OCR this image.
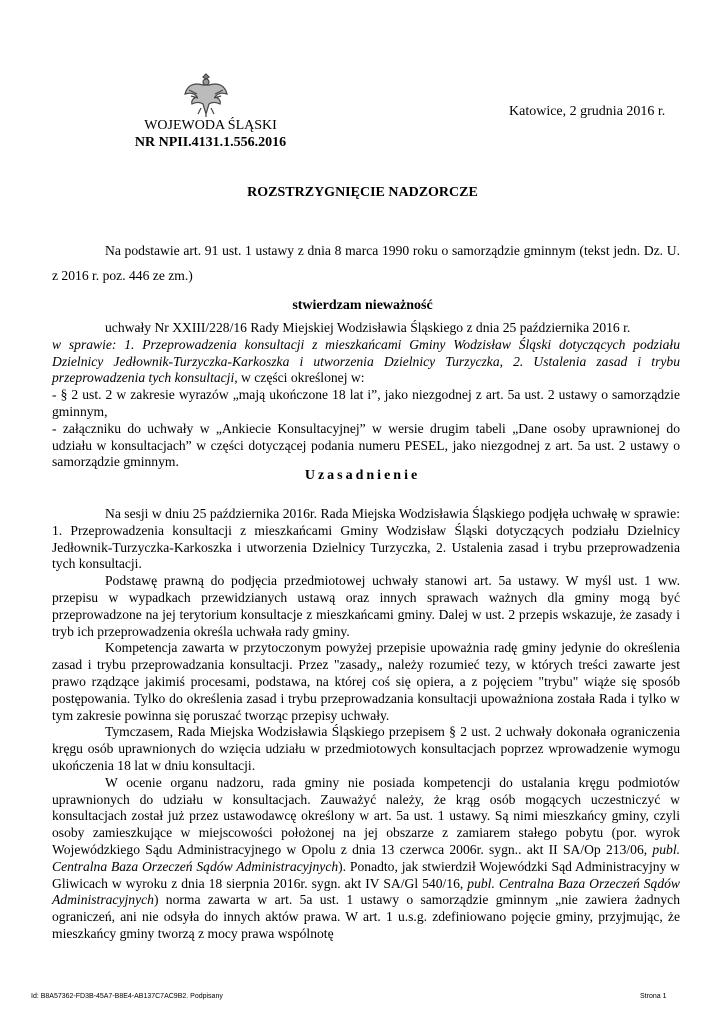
WOJEWODA ŚLĄSKI
NR NPII.4131.1.556.2016
Katowice, 2 grudnia 2016 r.
ROZSTRZYGNIĘCIE NADZORCZE
Na podstawie art. 91 ust. 1 ustawy z dnia 8 marca 1990 roku o samorządzie gminnym (tekst jedn. Dz. U. z 2016 r. poz. 446 ze zm.)
stwierdzam nieważność
uchwały Nr XXIII/228/16 Rady Miejskiej Wodzisławia Śląskiego z dnia 25 października 2016 r.
w sprawie: 1. Przeprowadzenia konsultacji z mieszkańcami Gminy Wodzisław Śląski dotyczących podziału Dzielnicy Jedłownik-Turzyczka-Karkoszka i utworzenia Dzielnicy Turzyczka, 2. Ustalenia zasad i trybu przeprowadzenia tych konsultacji, w części określonej w:
- § 2 ust. 2 w zakresie wyrazów „mają ukończone 18 lat i”, jako niezgodnej z art. 5a ust. 2 ustawy o samorządzie gminnym,
- załączniku do uchwały w „Ankiecie Konsultacyjnej” w wersie drugim tabeli „Dane osoby uprawnionej do udziału w konsultacjach” w części dotyczącej podania numeru PESEL, jako niezgodnej z art. 5a ust. 2 ustawy o samorządzie gminnym.
Uzasadnienie

Na sesji w dniu 25 października 2016r. Rada Miejska Wodzisławia Śląskiego podjęła uchwałę w sprawie: 1. Przeprowadzenia konsultacji z mieszkańcami Gminy Wodzisław Śląski dotyczących podziału Dzielnicy Jedłownik-Turzyczka-Karkoszka i utworzenia Dzielnicy Turzyczka, 2. Ustalenia zasad i trybu przeprowadzenia tych konsultacji.

Podstawę prawną do podjęcia przedmiotowej uchwały stanowi art. 5a ustawy. W myśl ust. 1 ww. przepisu w wypadkach przewidzianych ustawą oraz innych sprawach ważnych dla gminy mogą być przeprowadzone na jej terytorium konsultacje z mieszkańcami gminy. Dalej w ust. 2 przepis wskazuje, że zasady i tryb ich przeprowadzenia określa uchwała rady gminy.

Kompetencja zawarta w przytoczonym powyżej przepisie upoważnia radę gminy jedynie do określenia zasad i trybu przeprowadzania konsultacji. Przez "zasady„ należy rozumieć tezy, w których treści zawarte jest prawo rządzące jakimiś procesami, podstawa, na której coś się opiera, a z pojęciem "trybu" wiąże się sposób postępowania. Tylko do określenia zasad i trybu przeprowadzania konsultacji upoważniona została Rada i tylko w tym zakresie powinna się poruszać tworząc przepisy uchwały.

Tymczasem, Rada Miejska Wodzisławia Śląskiego przepisem § 2 ust. 2 uchwały dokonała ograniczenia kręgu osób uprawnionych do wzięcia udziału w przedmiotowych konsultacjach poprzez wprowadzenie wymogu ukończenia 18 lat w dniu konsultacji.

W ocenie organu nadzoru, rada gminy nie posiada kompetencji do ustalania kręgu podmiotów uprawnionych do udziału w konsultacjach. Zauważyć należy, że krąg osób mogących uczestniczyć w konsultacjach został już przez ustawodawcę określony w art. 5a ust. 1 ustawy. Są nimi mieszkańcy gminy, czyli osoby zamieszkujące w miejscowości położonej na jej obszarze z zamiarem stałego pobytu (por. wyrok Wojewódzkiego Sądu Administracyjnego w Opolu z dnia 13 czerwca 2006r. sygn.. akt II SA/Op 213/06, publ. Centralna Baza Orzeczeń Sądów Administracyjnych). Ponadto, jak stwierdził Wojewódzki Sąd Administracyjny w Gliwicach w wyroku z dnia 18 sierpnia 2016r. sygn. akt IV SA/Gl 540/16, publ. Centralna Baza Orzeczeń Sądów Administracyjnych) norma zawarta w art. 5a ust. 1 ustawy o samorządzie gminnym „nie zawiera żadnych ograniczeń, ani nie odsyła do innych aktów prawa. W art. 1 u.s.g. zdefiniowano pojęcie gminy, przyjmując, że mieszkańcy gminy tworzą z mocy prawa wspólnotę

Id: B8A57362-FD3B-45A7-B8E4-AB137C7AC9B2. Podpisany	Strona 1
